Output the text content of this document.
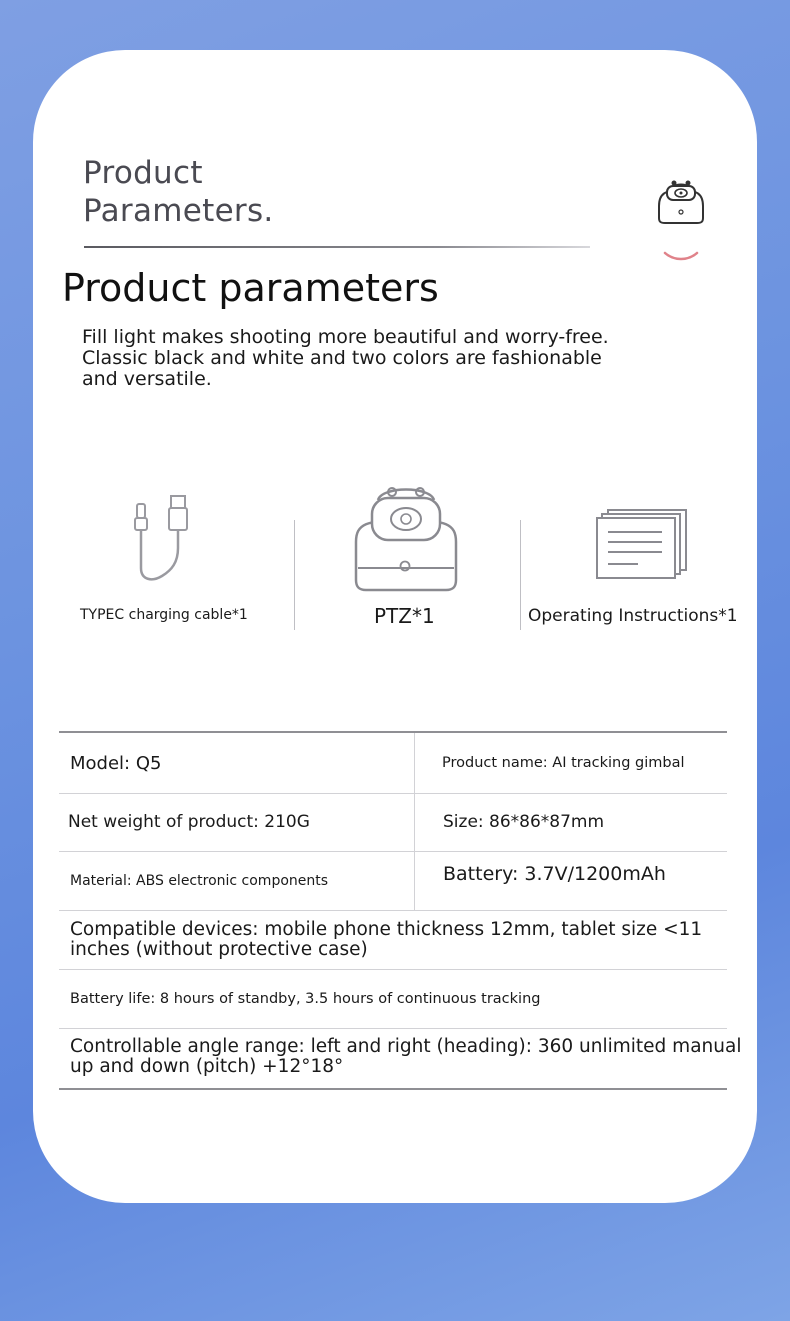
Product
Parameters.
Product parameters

Fill light makes shooting more beautiful and worry-free.
Classic black and white and two colors are fashionable
and versatile.

TYPEC charging cable*1	PTZ*1	Operating Instructions*1
Model: Q5	Product name: AI tracking gimbal
Net weight of product: 210G	Size: 86*86*87mm
Material: ABS electronic components	Battery: 3.7V/1200mAh
Compatible devices: mobile phone thickness 12mm, tablet size <11
inches (without protective case)
Battery life: 8 hours of standby, 3.5 hours of continuous tracking
Controllable angle range: left and right (heading): 360 unlimited manual
up and down (pitch) +12°18°
